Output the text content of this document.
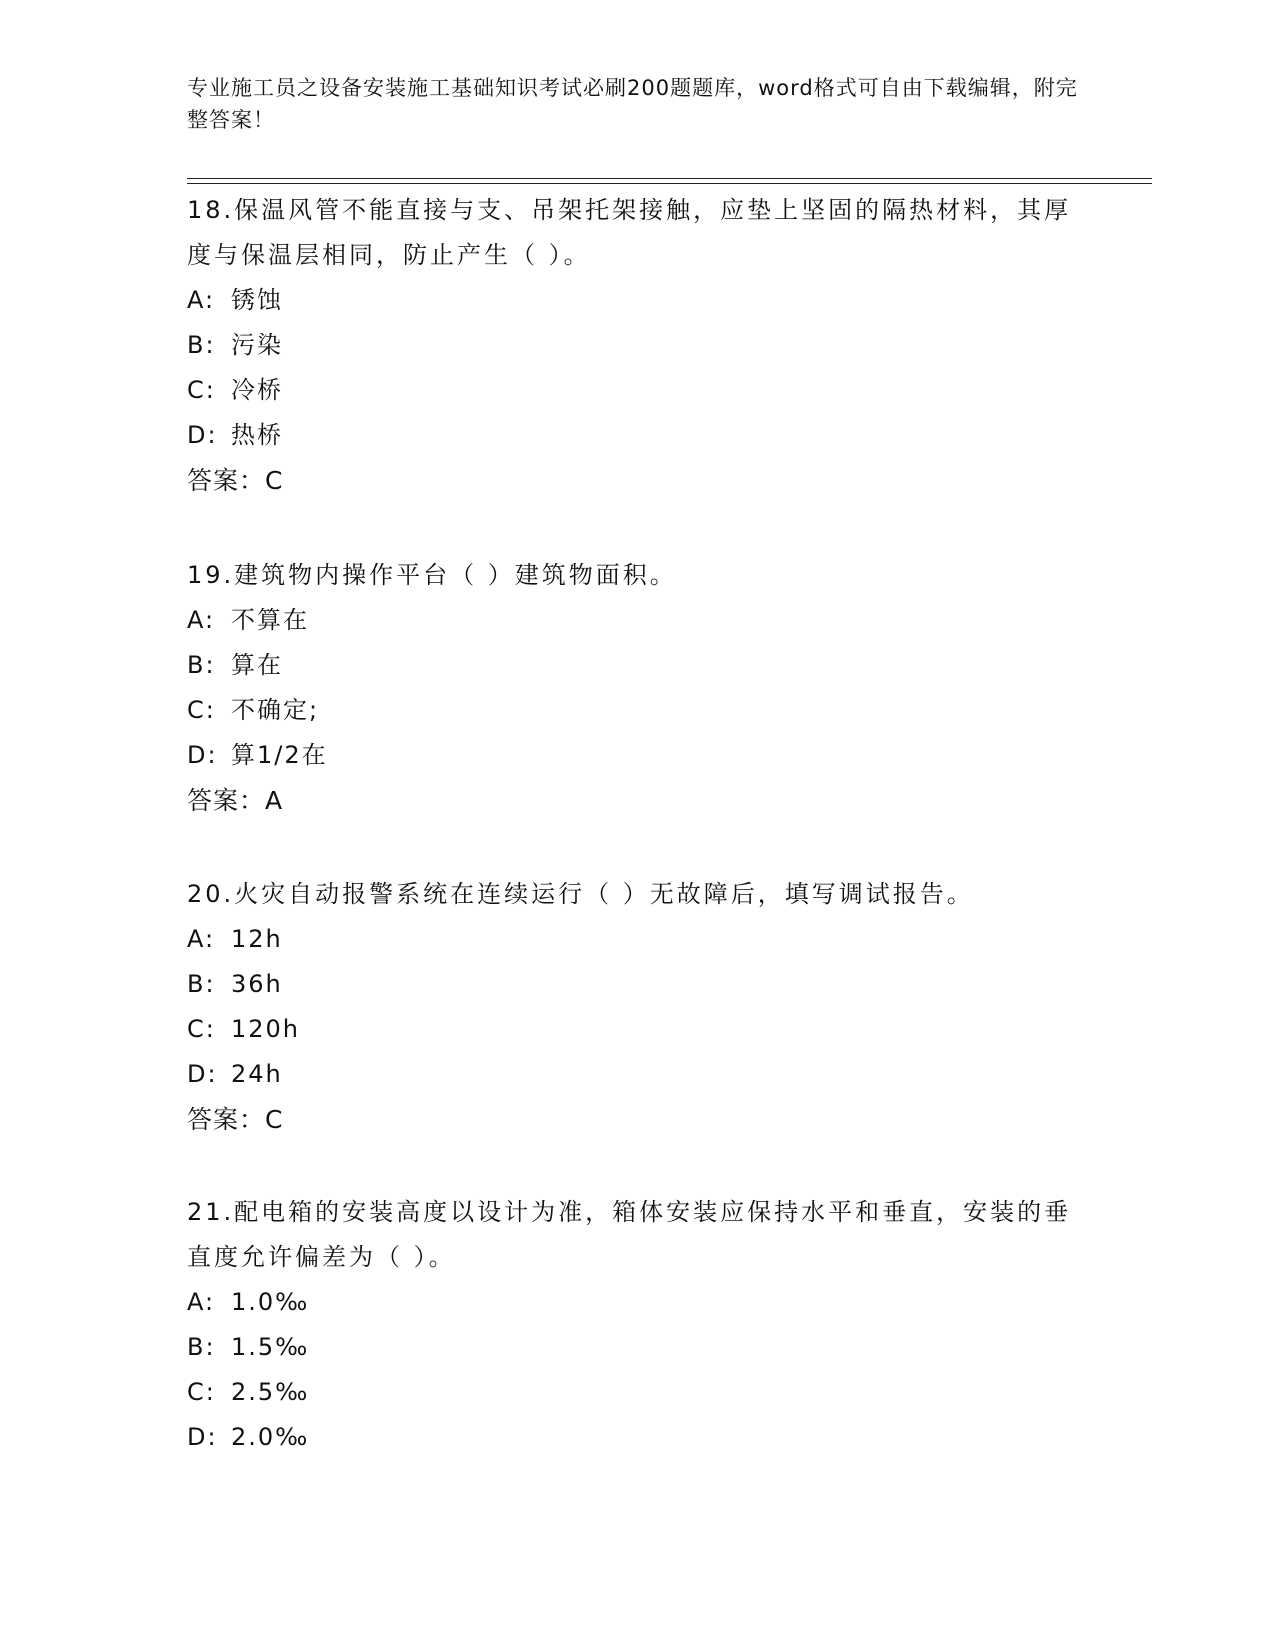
专业施工员之设备安装施工基础知识考试必刷200题题库，word格式可自由下载编辑，附完整答案！
18.保温风管不能直接与支、吊架托架接触，应垫上坚固的隔热材料，其厚度与保温层相同，防止产生（ ）。
A: 锈蚀
B: 污染
C: 冷桥
D: 热桥
答案：C
19.建筑物内操作平台（ ）建筑物面积。
A: 不算在
B: 算在
C: 不确定;
D: 算1/2在
答案：A
20.火灾自动报警系统在连续运行（ ）无故障后，填写调试报告。
A: 12h
B: 36h
C: 120h
D: 24h
答案：C
21.配电箱的安装高度以设计为准，箱体安装应保持水平和垂直，安装的垂直度允许偏差为（ ）。
A: 1.0‰
B: 1.5‰
C: 2.5‰
D: 2.0‰
